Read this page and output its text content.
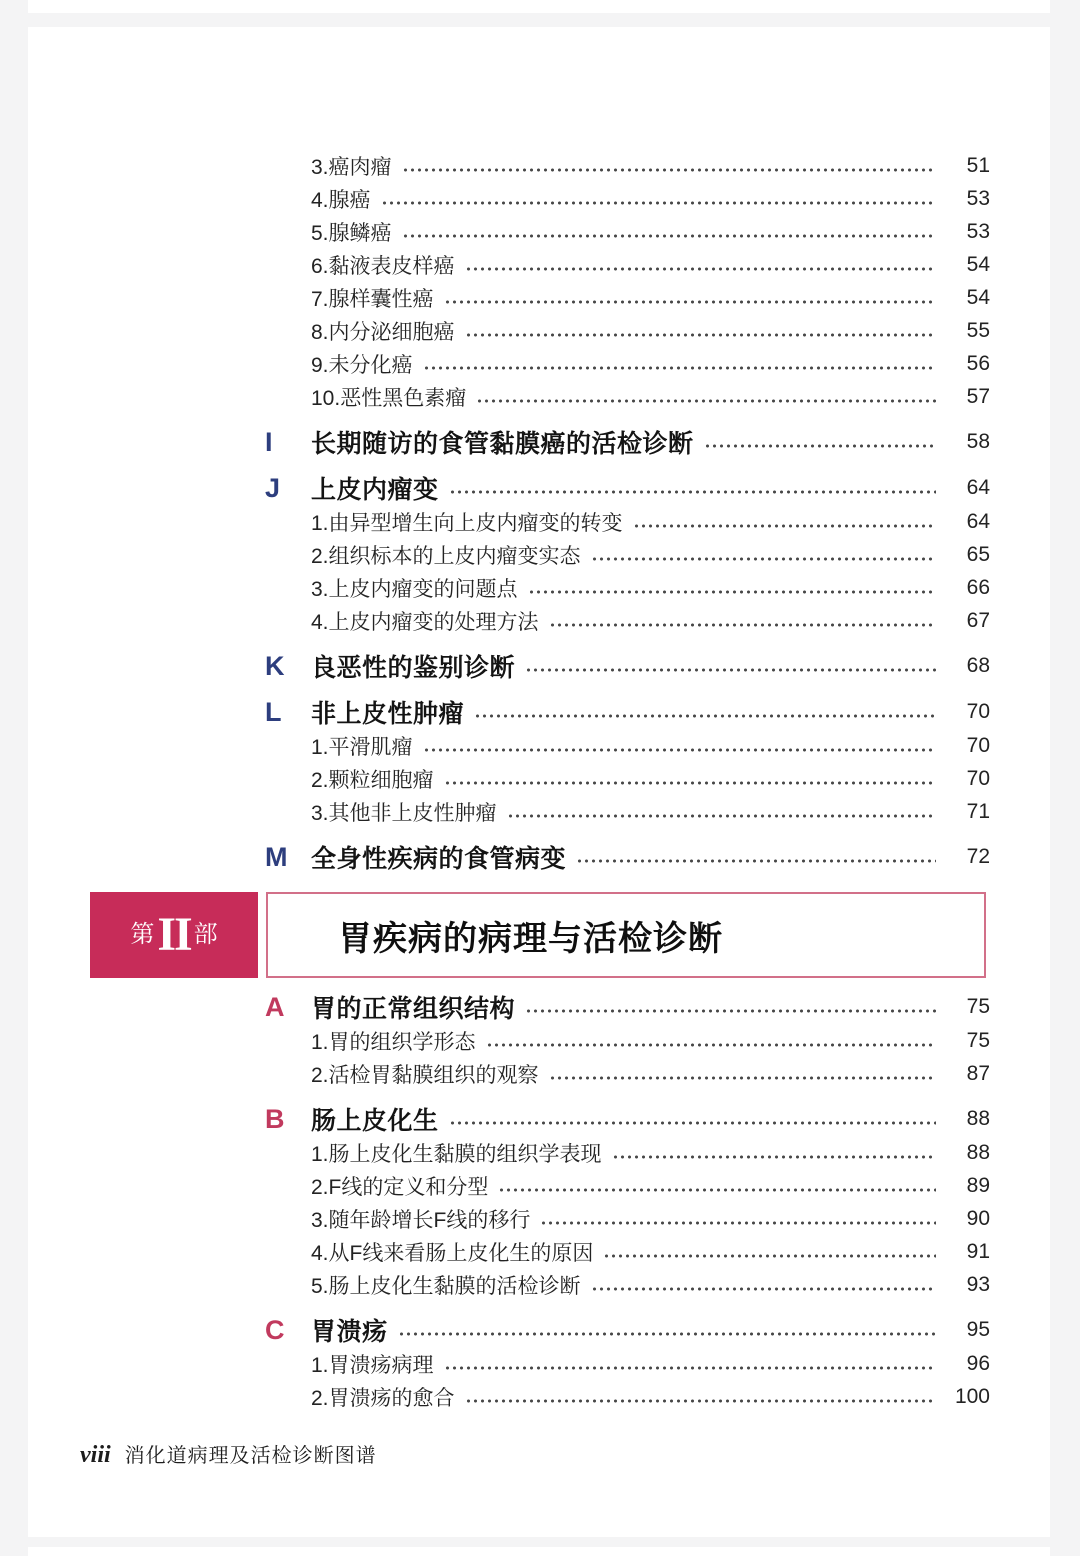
3.癌肉瘤	51
4.腺癌	53
5.腺鳞癌	53
6.黏液表皮样癌	54
7.腺样囊性癌	54
8.内分泌细胞癌	55
9.未分化癌	56
10.恶性黑色素瘤	57
I	长期随访的食管黏膜癌的活检诊断	58
J	上皮内瘤变	64
1.由异型增生向上皮内瘤变的转变	64
2.组织标本的上皮内瘤变实态	65
3.上皮内瘤变的问题点	66
4.上皮内瘤变的处理方法	67
K	良恶性的鉴别诊断	68
L	非上皮性肿瘤	70
1.平滑肌瘤	70
2.颗粒细胞瘤	70
3.其他非上皮性肿瘤	71
M 全身性疾病的食管病变	72
第 II 部	胃疾病的病理与活检诊断
A	胃的正常组织结构	75
1.胃的组织学形态	75
2.活检胃黏膜组织的观察	87
B	肠上皮化生	88
1.肠上皮化生黏膜的组织学表现	88
2.F线的定义和分型	89
3.随年龄增长F线的移行	90
4.从F线来看肠上皮化生的原因	91
5.肠上皮化生黏膜的活检诊断	93
C	胃溃疡	95
1.胃溃疡病理	96
2.胃溃疡的愈合	100
viii 消化道病理及活检诊断图谱
